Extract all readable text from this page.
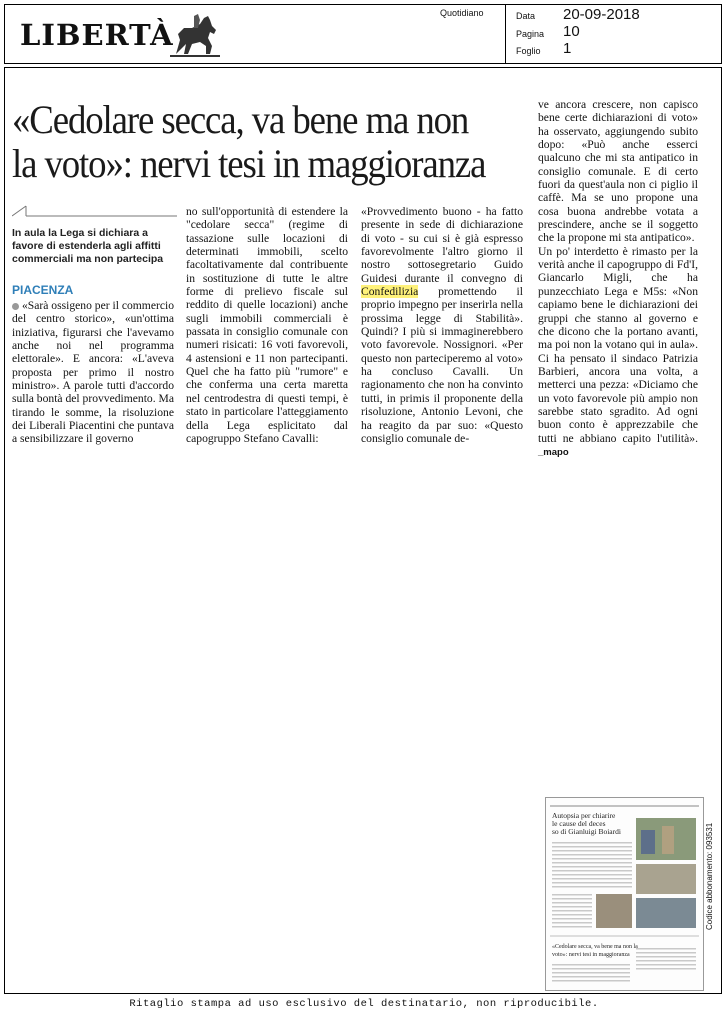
LIBERTÀ
Quotidiano	Data 20-09-2018
Pagina 10
Foglio 1
«Cedolare secca, va bene ma non
la voto»: nervi tesi in maggioranza
In aula la Lega si dichiara a favore di estenderla agli affitti commerciali ma non partecipa
PIACENZA

«Sarà ossigeno per il commercio del centro storico», «un'ottima iniziativa, figurarsi che l'avevamo anche noi nel programma elettorale». E ancora: «L'aveva proposta per primo il nostro ministro». A parole tutti d'accordo sulla bontà del provvedimento. Ma tirando le somme, la risoluzione dei Liberali Piacentini che puntava a sensibilizzare il governo

no sull'opportunità di estendere la "cedolare secca" (regime di tassazione sulle locazioni di determinati immobili, scelto facoltativamente dal contribuente in sostituzione di tutte le altre forme di prelievo fiscale sul reddito di quelle locazioni) anche sugli immobili commerciali è passata in consiglio comunale con numeri risicati: 16 voti favorevoli, 4 astensioni e 11 non partecipanti. Quel che ha fatto più "rumore" e che conferma una certa maretta nel centrodestra di questi tempi, è stato in particolare l'atteggiamento della Lega esplicitato dal capogruppo Stefano Cavalli:

«Provvedimento buono - ha fatto presente in sede di dichiarazione di voto - su cui si è già espresso favorevolmente l'altro giorno il nostro sottosegretario Guido Guidesi durante il convegno di Confedilizia promettendo il proprio impegno per inserirla nella prossima legge di Stabilità». Quindi? I più si immaginerebbero voto favorevole. Nossignori. «Per questo non parteciperemo al voto» ha concluso Cavalli. Un ragionamento che non ha convinto tutti, in primis il proponente della risoluzione, Antonio Levoni, che ha reagito da par suo: «Questo consiglio comunale de-

ve ancora crescere, non capisco bene certe dichiarazioni di voto» ha osservato, aggiungendo subito dopo: «Può anche esserci qualcuno che mi sta antipatico in consiglio comunale. E di certo fuori da quest'aula non ci piglio il caffè. Ma se uno propone una cosa buona andrebbe votata a prescindere, anche se il soggetto che la propone mi sta antipatico».

Un po' interdetto è rimasto per la verità anche il capogruppo di Fd'I, Giancarlo Migli, che ha punzecchiato Lega e M5s: «Non capiamo bene le dichiarazioni dei gruppi che stanno al governo e che dicono che la portano avanti, ma poi non la votano qui in aula». Ci ha pensato il sindaco Patrizia Barbieri, ancora una volta, a metterci una pezza: «Diciamo che un voto favorevole più ampio non sarebbe stato sgradito. Ad ogni buon conto è apprezzabile che tutti ne abbiano capito l'utilità». _mapo

Autopsia per chiarire
le cause del deces
so di Gianluigi Boiardi
«Cedolare secca, va bene ma non la
voto»: nervi tesi in maggioranza
Codice abbonamento: 093531
Ritaglio stampa ad uso esclusivo del destinatario, non riproducibile.
